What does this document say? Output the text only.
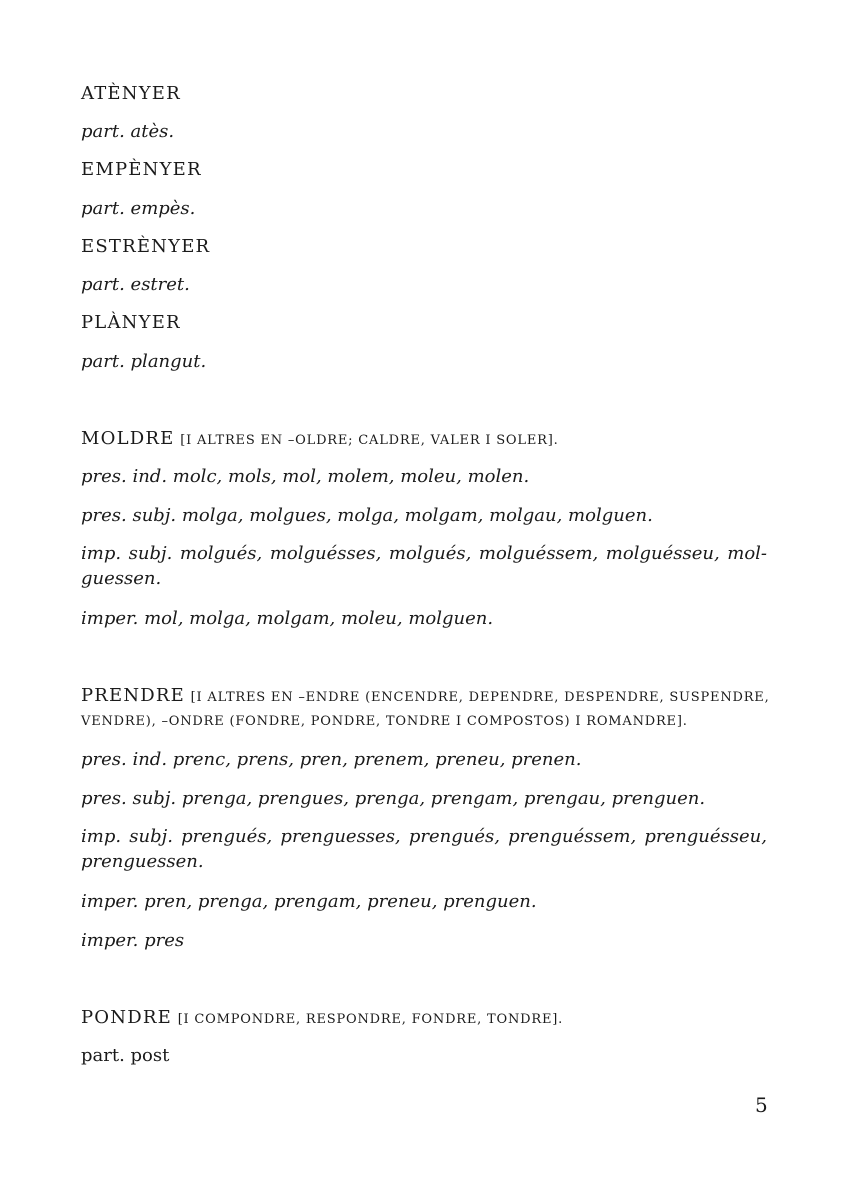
ATÈNYER
part. atès.
EMPÈNYER
part. empès.
ESTRÈNYER
part. estret.
PLÀNYER
part. plangut.
MOLDRE [I ALTRES EN –OLDRE; CALDRE, VALER I SOLER].
pres. ind. molc, mols, mol, molem, moleu, molen.
pres. subj. molga, molgues, molga, molgam, molgau, molguen.
imp. subj. molgués, molguésses, molgués, molguéssem, molguésseu, mol-
guessen.
imper. mol, molga, molgam, moleu, molguen.
PRENDRE [I ALTRES EN –ENDRE (ENCENDRE, DEPENDRE, DESPENDRE, SUSPENDRE,
VENDRE), –ONDRE (FONDRE, PONDRE, TONDRE I COMPOSTOS) I ROMANDRE].
pres. ind. prenc, prens, pren, prenem, preneu, prenen.
pres. subj. prenga, prengues, prenga, prengam, prengau, prenguen.
imp. subj. prengués, prenguesses, prengués, prenguéssem, prenguésseu,
prenguessen.
imper. pren, prenga, prengam, preneu, prenguen.
imper. pres
PONDRE [I COMPONDRE, RESPONDRE, FONDRE, TONDRE].
part. post
5
